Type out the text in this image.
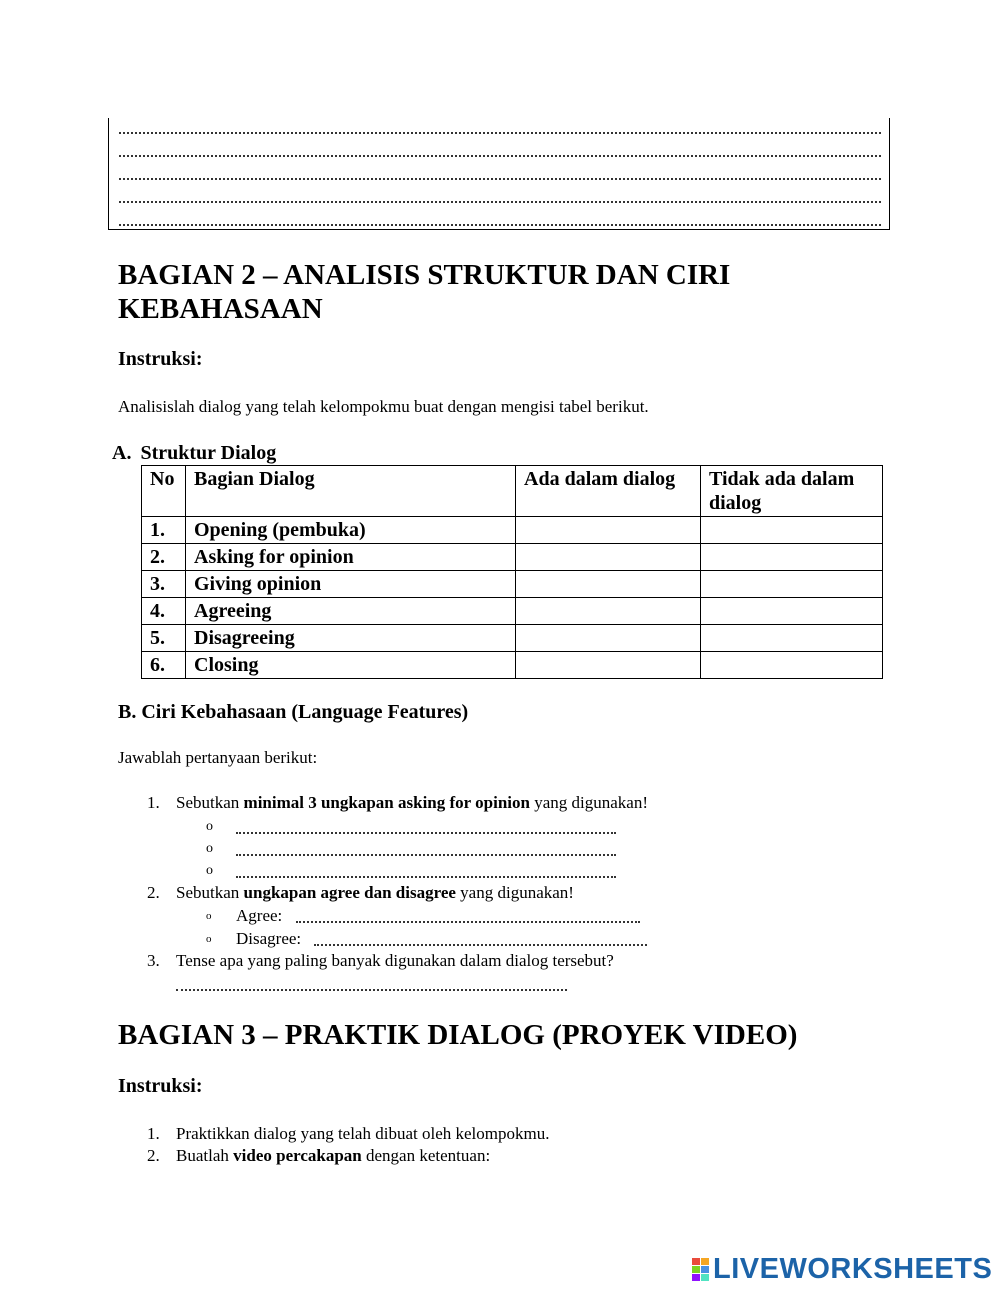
BAGIAN 2 – ANALISIS STRUKTUR DAN CIRI
KEBAHASAAN
Instruksi:
Analisislah dialog yang telah kelompokmu buat dengan mengisi tabel berikut.
A. Struktur Dialog
No	Bagian Dialog	Ada dalam dialog	Tidak ada dalam dialog
1.	Opening (pembuka)		
2.	Asking for opinion		
3.	Giving opinion		
4.	Agreeing		
5.	Disagreeing		
6.	Closing		
B. Ciri Kebahasaan (Language Features)
Jawablah pertanyaan berikut:
1. Sebutkan minimal 3 ungkapan asking for opinion yang digunakan!
o
o
o
2. Sebutkan ungkapan agree dan disagree yang digunakan!
o Agree:
o Disagree:
3. Tense apa yang paling banyak digunakan dalam dialog tersebut?
BAGIAN 3 – PRAKTIK DIALOG (PROYEK VIDEO)
Instruksi:
1. Praktikkan dialog yang telah dibuat oleh kelompokmu.
2. Buatlah video percakapan dengan ketentuan:
LIVEWORKSHEETS
